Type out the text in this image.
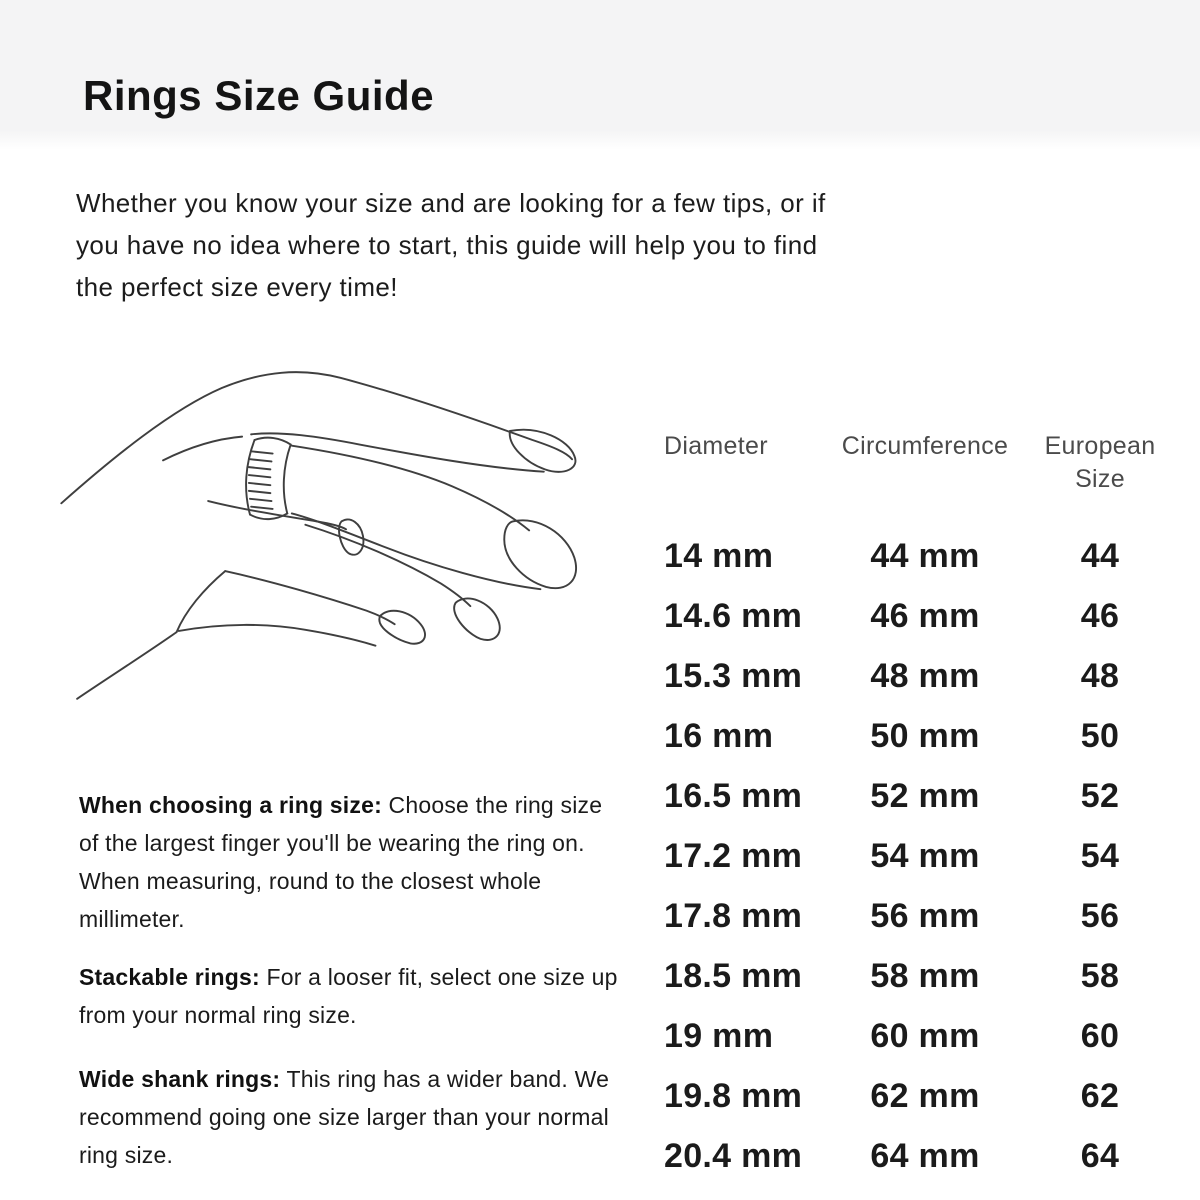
Rings Size Guide
Whether you know your size and are looking for a few tips, or if
you have no idea where to start, this guide will help you to find
the perfect size every time!
When choosing a ring size: Choose the ring size of the largest finger you'll be wearing the ring on. When measuring, round to the closest whole millimeter.
Stackable rings: For a looser fit, select one size up from your normal ring size.
Wide shank rings: This ring has a wider band. We recommend going one size larger than your normal ring size.
Diameter	Circumference	European Size
14 mm	44 mm	44
14.6 mm	46 mm	46
15.3 mm	48 mm	48
16 mm	50 mm	50
16.5 mm	52 mm	52
17.2 mm	54 mm	54
17.8 mm	56 mm	56
18.5 mm	58 mm	58
19 mm	60 mm	60
19.8 mm	62 mm	62
20.4 mm	64 mm	64
